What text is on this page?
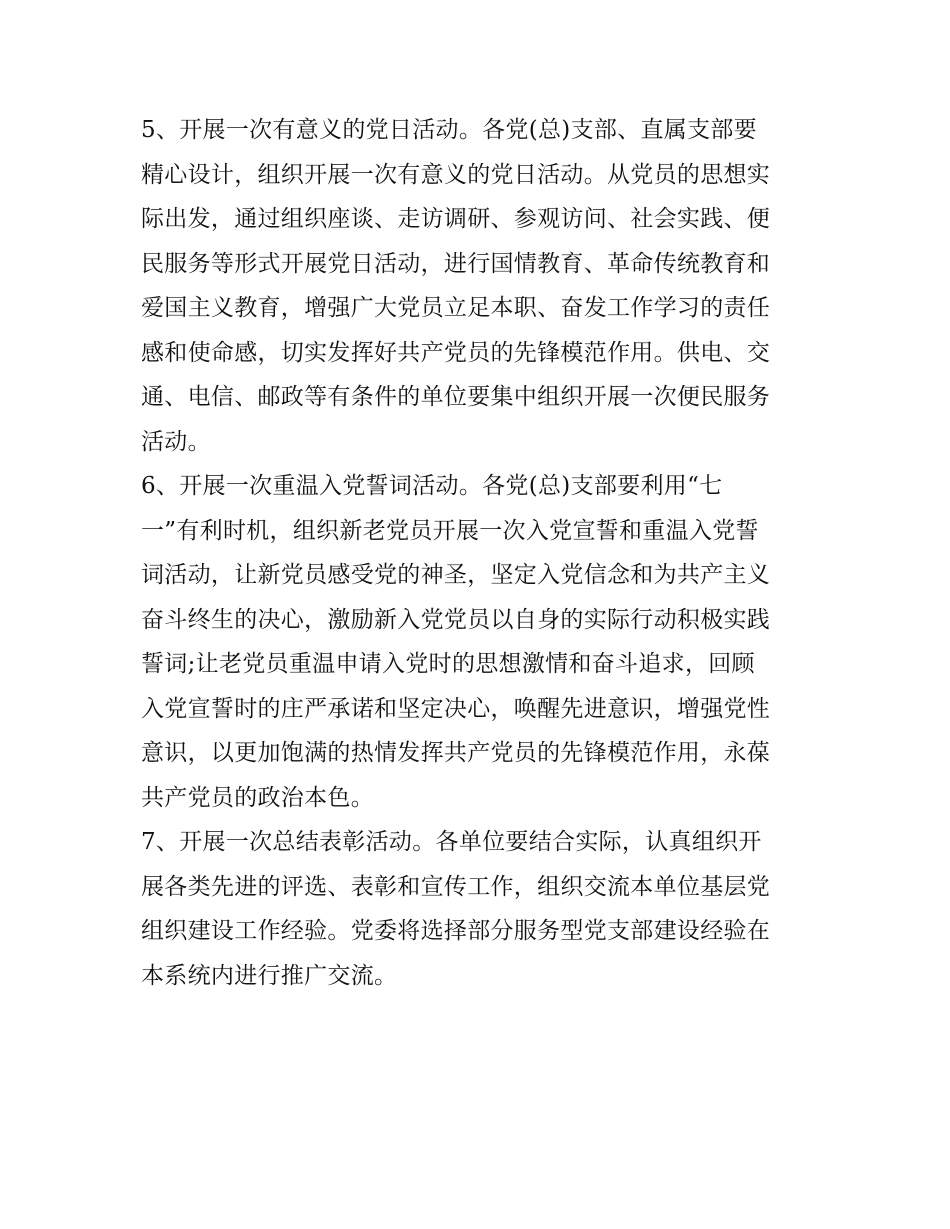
5、开展一次有意义的党日活动。各党(总)支部、直属支部要
精心设计，组织开展一次有意义的党日活动。从党员的思想实
际出发，通过组织座谈、走访调研、参观访问、社会实践、便
民服务等形式开展党日活动，进行国情教育、革命传统教育和
爱国主义教育，增强广大党员立足本职、奋发工作学习的责任
感和使命感，切实发挥好共产党员的先锋模范作用。供电、交
通、电信、邮政等有条件的单位要集中组织开展一次便民服务
活动。
6、开展一次重温入党誓词活动。各党(总)支部要利用“七
一”有利时机，组织新老党员开展一次入党宣誓和重温入党誓
词活动，让新党员感受党的神圣，坚定入党信念和为共产主义
奋斗终生的决心，激励新入党党员以自身的实际行动积极实践
誓词;让老党员重温申请入党时的思想激情和奋斗追求，回顾
入党宣誓时的庄严承诺和坚定决心，唤醒先进意识，增强党性
意识，以更加饱满的热情发挥共产党员的先锋模范作用，永葆
共产党员的政治本色。
7、开展一次总结表彰活动。各单位要结合实际，认真组织开
展各类先进的评选、表彰和宣传工作，组织交流本单位基层党
组织建设工作经验。党委将选择部分服务型党支部建设经验在
本系统内进行推广交流。
